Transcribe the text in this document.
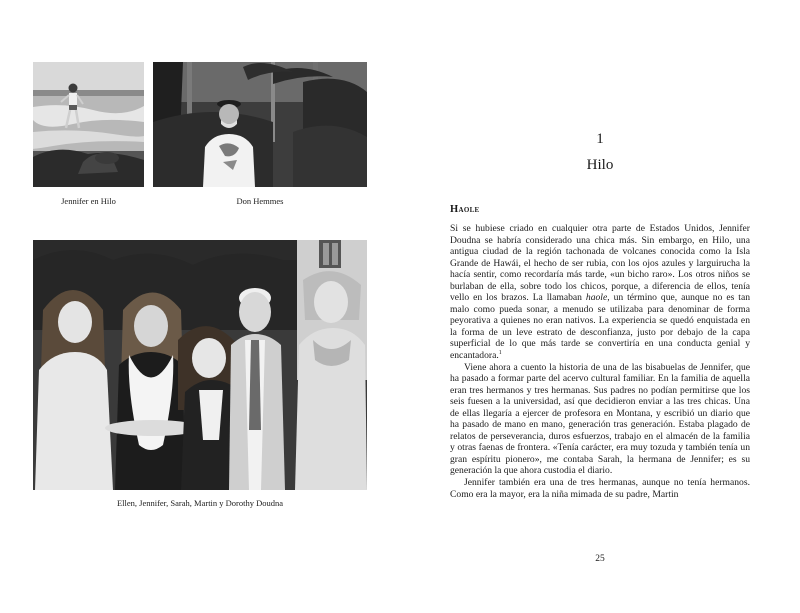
Jennifer en Hilo	Don Hemmes
Ellen, Jennifer, Sarah, Martin y Dorothy Doudna
1
Hilo
Haole

Si se hubiese criado en cualquier otra parte de Estados Unidos, Jennifer Doudna se habría considerado una chica más. Sin embargo, en Hilo, una antigua ciudad de la región tachonada de volcanes conocida como la Isla Grande de Hawái, el hecho de ser rubia, con los ojos azules y larguirucha la hacía sentir, como recordaría más tarde, «un bicho raro». Los otros niños se burlaban de ella, sobre todo los chicos, porque, a diferencia de ellos, tenía vello en los brazos. La llamaban haole, un término que, aunque no es tan malo como pueda sonar, a menudo se utilizaba para denominar de forma peyorativa a quienes no eran nativos. La experiencia se quedó enquistada en la forma de un leve estrato de desconfianza, justo por debajo de la capa superficial de lo que más tarde se convertiría en una conducta genial y encantadora.$^1$

Viene ahora a cuento la historia de una de las bisabuelas de Jennifer, que ha pasado a formar parte del acervo cultural familiar. En la familia de aquella eran tres hermanos y tres hermanas. Sus padres no podían permitirse que los seis fuesen a la universidad, así que decidieron enviar a las tres chicas. Una de ellas llegaría a ejercer de profesora en Montana, y escribió un diario que ha pasado de mano en mano, generación tras generación. Estaba plagado de relatos de perseverancia, duros esfuerzos, trabajo en el almacén de la familia y otras faenas de frontera. «Tenía carácter, era muy tozuda y también tenía un gran espíritu pionero», me contaba Sarah, la hermana de Jennifer; es su generación la que ahora custodia el diario.

Jennifer también era una de tres hermanas, aunque no tenía hermanos. Como era la mayor, era la niña mimada de su padre, Martin

25
